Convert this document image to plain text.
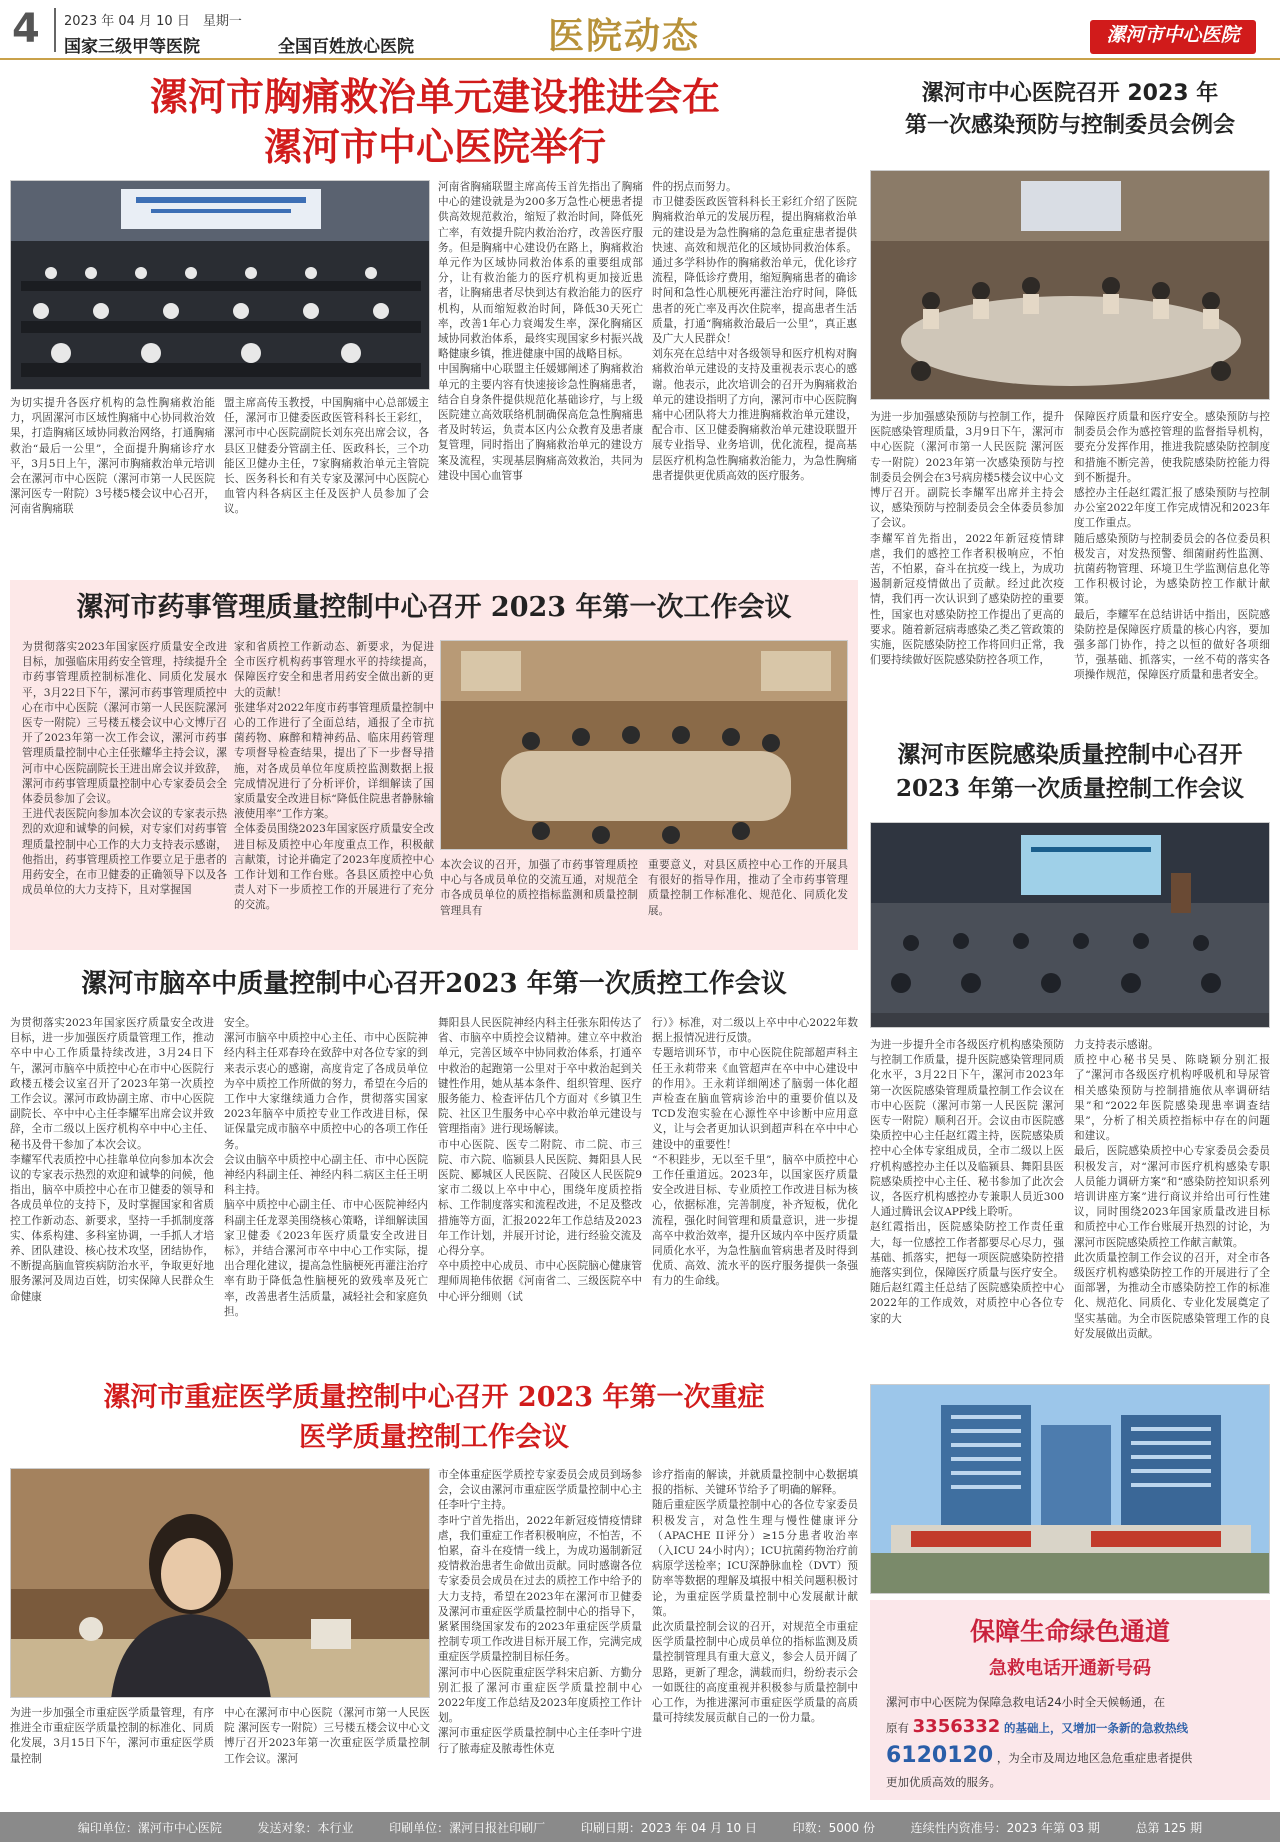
4 2023 年 04 月 10 日　星期一
国家三级甲等医院	全国百姓放心医院	医院动态	漯河市中心医院
漯河市胸痛救治单元建设推进会在
漯河市中心医院举行
为切实提升各医疗机构的急性胸痛救治能力，巩固漯河市区域性胸痛中心协同救治效果，打造胸痛区域协同救治网络，打通胸痛救治“最后一公里”，全面提升胸痛诊疗水平，3月5日上午，漯河市胸痛救治单元培训会在漯河市中心医院（漯河市第一人民医院 漯河医专一附院）3号楼5楼会议中心召开，河南省胸痛联
盟主席高传玉教授，中国胸痛中心总部媛主任，漯河市卫健委医政医管科科长王彩红，漯河市中心医院副院长刘东亮出席会议，各县区卫健委分管副主任、医政科长，三个功能区卫健办主任，7家胸痛救治单元主管院长、医务科长和有关专家及漯河中心医院心血管内科各病区主任及医护人员参加了会议。
河南省胸痛联盟主席高传玉首先指出了胸痛中心的建设就是为200多万急性心梗患者提供高效规范救治，缩短了救治时间，降低死亡率，有效提升院内救治治疗，改善医疗服务。但是胸痛中心建设仍在路上，胸痛救治单元作为区域协同救治体系的重要组成部分，让有救治能力的医疗机构更加接近患者，让胸痛患者尽快到达有救治能力的医疗机构，从而缩短救治时间，降低30天死亡率，改善1年心力衰竭发生率，深化胸痛区域协同救治体系，最终实现国家乡村振兴战略健康乡镇，推进健康中国的战略目标。
中国胸痛中心联盟主任媛娜阐述了胸痛救治单元的主要内容有快速接诊急性胸痛患者，结合自身条件提供规范化基础诊疗，与上级医院建立高效联络机制确保高危急性胸痛患者及时转运，负责本区内公众教育及患者康复管理，同时指出了胸痛救治单元的建设方案及流程，实现基层胸痛高效救治，共同为建设中国心血管事
件的拐点而努力。
市卫健委医政医管科科长王彩红介绍了医院胸痛救治单元的发展历程，提出胸痛救治单元的建设是为急性胸痛的急危重症患者提供快速、高效和规范化的区域协同救治体系。通过多学科协作的胸痛救治单元，优化诊疗流程，降低诊疗费用，缩短胸痛患者的确诊时间和急性心肌梗死再灌注治疗时间，降低患者的死亡率及再次住院率，提高患者生活质量，打通“胸痛救治最后一公里”，真正惠及广大人民群众！
刘东亮在总结中对各级领导和医疗机构对胸痛救治单元建设的支持及重视表示衷心的感谢。他表示，此次培训会的召开为胸痛救治单元的建设指明了方向，漯河市中心医院胸痛中心团队将大力推进胸痛救治单元建设，配合市、区卫健委胸痛救治单元建设联盟开展专业指导、业务培训，优化流程，提高基层医疗机构急性胸痛救治能力，为急性胸痛患者提供更优质高效的医疗服务。
漯河市中心医院召开 2023 年
第一次感染预防与控制委员会例会
为进一步加强感染预防与控制工作，提升医院感染管理质量，3月9日下午，漯河市中心医院（漯河市第一人民医院 漯河医专一附院）2023年第一次感染预防与控制委员会例会在3号病房楼5楼会议中心文博厅召开。副院长李耀军出席并主持会议，感染预防与控制委员会全体委员参加了会议。
李耀军首先指出，2022年新冠疫情肆虐，我们的感控工作者积极响应，不怕苦，不怕累，奋斗在抗疫一线上，为成功遏制新冠疫情做出了贡献。经过此次疫情，我们再一次认识到了感染防控的重要性，国家也对感染防控工作提出了更高的要求。随着新冠病毒感染乙类乙管政策的实施，医院感染防控工作将回归正常，我们要持续做好医院感染防控各项工作，
保障医疗质量和医疗安全。感染预防与控制委员会作为感控管理的监督指导机构，要充分发挥作用，推进我院感染防控制度和措施不断完善，使我院感染防控能力得到不断提升。
感控办主任赵红霞汇报了感染预防与控制办公室2022年度工作完成情况和2023年度工作重点。
随后感染预防与控制委员会的各位委员积极发言，对发热预警、细菌耐药性监测、抗菌药物管理、环境卫生学监测信息化等工作积极讨论，为感染防控工作献计献策。
最后，李耀军在总结讲话中指出，医院感染防控是保障医疗质量的核心内容，要加强多部门协作，持之以恒的做好各项细节，强基础、抓落实，一丝不苟的落实各项操作规范，保障医疗质量和患者安全。
漯河市药事管理质量控制中心召开 2023 年第一次工作会议
为贯彻落实2023年国家医疗质量安全改进目标，加强临床用药安全管理，持续提升全市药事管理质控制标准化、同质化发展水平，3月22日下午，漯河市药事管理质控中心在市中心医院（漯河市第一人民医院漯河医专一附院）三号楼五楼会议中心文博厅召开了2023年第一次工作会议，漯河市药事管理质量控制中心主任张耀华主持会议，漯河市中心医院副院长王进出席会议并致辞，漯河市药事管理质量控制中心专家委员会全体委员参加了会议。
王进代表医院向参加本次会议的专家表示热烈的欢迎和诚挚的问候，对专家们对药事管理质量控制中心工作的大力支持表示感谢，他指出，药事管理质控工作要立足于患者的用药安全，在市卫健委的正确领导下以及各成员单位的大力支持下，且对掌握国
家和省质控工作新动态、新要求，为促进全市医疗机构药事管理水平的持续提高，保障医疗安全和患者用药安全做出新的更大的贡献！
张建华对2022年度市药事管理质量控制中心的工作进行了全面总结，通报了全市抗菌药物、麻醉和精神药品、临床用药管理专项督导检查结果，提出了下一步督导措施，对各成员单位年度质控监测数据上报完成情况进行了分析评价，详细解读了国家质量安全改进目标“降低住院患者静脉输液使用率”工作方案。
全体委员围绕2023年国家医疗质量安全改进目标及质控中心年度重点工作，积极献言献策，讨论并确定了2023年度质控中心工作计划和工作台账。各县区质控中心负责人对下一步质控工作的开展进行了充分的交流。
本次会议的召开，加强了市药事管理质控中心与各成员单位的交流互通，对规范全市各成员单位的质控指标监测和质量控制管理具有
重要意义，对县区质控中心工作的开展具有很好的指导作用，推动了全市药事管理质量控制工作标准化、规范化、同质化发展。
漯河市医院感染质量控制中心召开
2023 年第一次质量控制工作会议
为进一步提升全市各级医疗机构感染预防与控制工作质量，提升医院感染管理同质化水平，3月22日下午，漯河市2023年第一次医院感染管理质量控制工作会议在市中心医院（漯河市第一人民医院 漯河医专一附院）顺利召开。会议由市医院感染质控中心主任赵红霞主持，医院感染质控中心全体专家组成员，全市二级以上医疗机构感控办主任以及临颍县、舞阳县医院感染质控中心主任、秘书参加了此次会议，各医疗机构感控办专兼职人员近300人通过腾讯会议APP线上聆听。
赵红霞指出，医院感染防控工作责任重大，每一位感控工作者都要尽心尽力，强基础、抓落实，把每一项医院感染防控措施落实到位，保障医疗质量与医疗安全。随后赵红霞主任总结了医院感染质控中心2022年的工作成效，对质控中心各位专家的大
力支持表示感谢。
质控中心秘书吴昊、陈晓颖分别汇报了“漯河市各级医疗机构呼吸机和导尿管相关感染预防与控制措施依从率调研结果”和“2022年医院感染现患率调查结果”，分析了相关质控指标中存在的问题和建议。
最后，医院感染质控中心专家委员会委员积极发言，对“漯河市医疗机构感染专职人员能力调研方案”和“感染防控知识系列培训讲座方案”进行商议并给出可行性建议，同时围绕2023年国家质量改进目标和质控中心工作台账展开热烈的讨论，为漯河市医院感染质控工作献言献策。
此次质量控制工作会议的召开，对全市各级医疗机构感染防控工作的开展进行了全面部署，为推动全市感染防控工作的标准化、规范化、同质化、专业化发展奠定了坚实基础。为全市医院感染管理工作的良好发展做出贡献。
漯河市脑卒中质量控制中心召开2023 年第一次质控工作会议
为贯彻落实2023年国家医疗质量安全改进目标，进一步加强医疗质量管理工作，推动卒中中心工作质量持续改进，3月24日下午，漯河市脑卒中质控中心在市中心医院行政楼五楼会议室召开了2023年第一次质控工作会议。漯河市政协副主席、市中心医院副院长、卒中中心主任李耀军出席会议并致辞，全市二级以上医疗机构卒中中心主任、秘书及骨干参加了本次会议。
李耀军代表质控中心挂靠单位向参加本次会议的专家表示热烈的欢迎和诚挚的问候，他指出，脑卒中质控中心在市卫健委的领导和各成员单位的支持下，及时掌握国家和省质控工作新动态、新要求，坚持一手抓制度落实、体系构建、多科室协调，一手抓人才培养、团队建设、核心技术攻坚，团结协作，不断提高脑血管疾病防治水平，争取更好地服务漯河及周边百姓，切实保障人民群众生命健康
安全。
漯河市脑卒中质控中心主任、市中心医院神经内科主任邓春玲在致辞中对各位专家的到来表示衷心的感谢，高度肯定了各成员单位为卒中质控工作所做的努力，希望在今后的工作中大家继续通力合作，贯彻落实国家2023年脑卒中质控专业工作改进目标，保证保量完成市脑卒中质控中心的各项工作任务。
会议由脑卒中质控中心副主任、市中心医院神经内科副主任、神经内科二病区主任王明科主持。
脑卒中质控中心副主任、市中心医院神经内科副主任龙翠美围绕核心策略，详细解读国家卫健委《2023年医疗质量安全改进目标》，并结合漯河市卒中中心工作实际，提出合理化建议，提高急性脑梗死再灌注治疗率有助于降低急性脑梗死的致残率及死亡率，改善患者生活质量，减轻社会和家庭负担。
舞阳县人民医院神经内科主任张东阳传达了省、市脑卒中质控会议精神。建立卒中救治单元，完善区域卒中协同救治体系，打通卒中救治的起跑第一公里对于卒中救治起到关键性作用，她从基本条件、组织管理、医疗服务能力、检查评估几个方面对《乡镇卫生院、社区卫生服务中心卒中救治单元建设与管理指南》进行现场解读。
市中心医院、医专二附院、市二院、市三院、市六院、临颍县人民医院、舞阳县人民医院、郾城区人民医院、召陵区人民医院9家市二级以上卒中中心，围绕年度质控指标、工作制度落实和流程改进，不足及整改措施等方面，汇报2022年工作总结及2023年工作计划，并展开讨论，进行经验交流及心得分享。
卒中质控中心成员、市中心医院脑心健康管理师周艳伟依据《河南省二、三级医院卒中中心评分细则（试
行）》标准，对二级以上卒中中心2022年数据上报情况进行反馈。
专题培训环节，市中心医院住院部超声科主任王永莉带来《血管超声在卒中中心建设中的作用》。王永莉详细阐述了脑弱一体化超声检查在脑血管病诊治中的重要价值以及TCD发泡实验在心源性卒中诊断中应用意义，让与会者更加认识到超声科在卒中中心建设中的重要性！
“不积跬步，无以至千里”，脑卒中质控中心工作任重道远。2023年，以国家医疗质量安全改进目标、专业质控工作改进目标为核心，依据标准，完善制度，补齐短板，优化流程，强化时间管理和质量意识，进一步提高卒中救治效率，提升区域内卒中医疗质量同质化水平，为急性脑血管病患者及时得到优质、高效、流水平的医疗服务提供一条强有力的生命线。
漯河市重症医学质量控制中心召开 2023 年第一次重症
医学质量控制工作会议
为进一步加强全市重症医学质量管理，有序推进全市重症医学质量控制的标准化、同质化发展，3月15日下午，漯河市重症医学质量控制
中心在漯河市中心医院（漯河市第一人民医院 漯河医专一附院）三号楼五楼会议中心文博厅召开2023年第一次重症医学质量控制工作会议。漯河
市全体重症医学质控专家委员会成员到场参会，会议由漯河市重症医学质量控制中心主任李叶宁主持。
李叶宁首先指出，2022年新冠疫情疫情肆虐，我们重症工作者积极响应，不怕苦，不怕累，奋斗在疫情一线上，为成功遏制新冠疫情救治患者生命做出贡献。同时感谢各位专家委员会成员在过去的质控工作中给予的大力支持，希望在2023年在漯河市卫健委及漯河市重症医学质量控制中心的指导下，紧紧围绕国家发布的2023年重症医学质量控制专项工作改进目标开展工作，完满完成重症医学质量控制目标任务。
漯河市中心医院重症医学科宋启新、方勤分别汇报了漯河市重症医学质量控制中心2022年度工作总结及2023年度质控工作计划。
漯河市重症医学质量控制中心主任李叶宁进行了脓毒症及脓毒性休克
诊疗指南的解读，并就质量控制中心数据填报的指标、关键环节给予了明确的解释。
随后重症医学质量控制中心的各位专家委员积极发言，对急性生理与慢性健康评分（APACHE II评分）≥15分患者收治率（入ICU 24小时内）；ICU抗菌药物治疗前病原学送检率；ICU深静脉血栓（DVT）预防率等数据的理解及填报中相关问题积极讨论，为重症医学质量控制中心发展献计献策。
此次质量控制会议的召开，对规范全市重症医学质量控制中心成员单位的指标监测及质量控制管理具有重大意义，参会人员开阔了思路，更新了理念，满载而归，纷纷表示会一如既往的高度重视并积极参与质量控制中心工作，为推进漯河市重症医学质量的高质量可持续发展贡献自己的一份力量。
保障生命绿色通道
急救电话开通新号码
漯河市中心医院为保障急救电话24小时全天候畅通，在
原有 3356332 的基础上，又增加一条新的急救热线
6120120 ，为全市及周边地区急危重症患者提供
更加优质高效的服务。
编印单位：漯河市中心医院	发送对象：本行业	印刷单位：漯河日报社印刷厂	印刷日期：2023 年 04 月 10 日	印数：5000 份	连续性内资准号：2023 年第 03 期	总第 125 期
